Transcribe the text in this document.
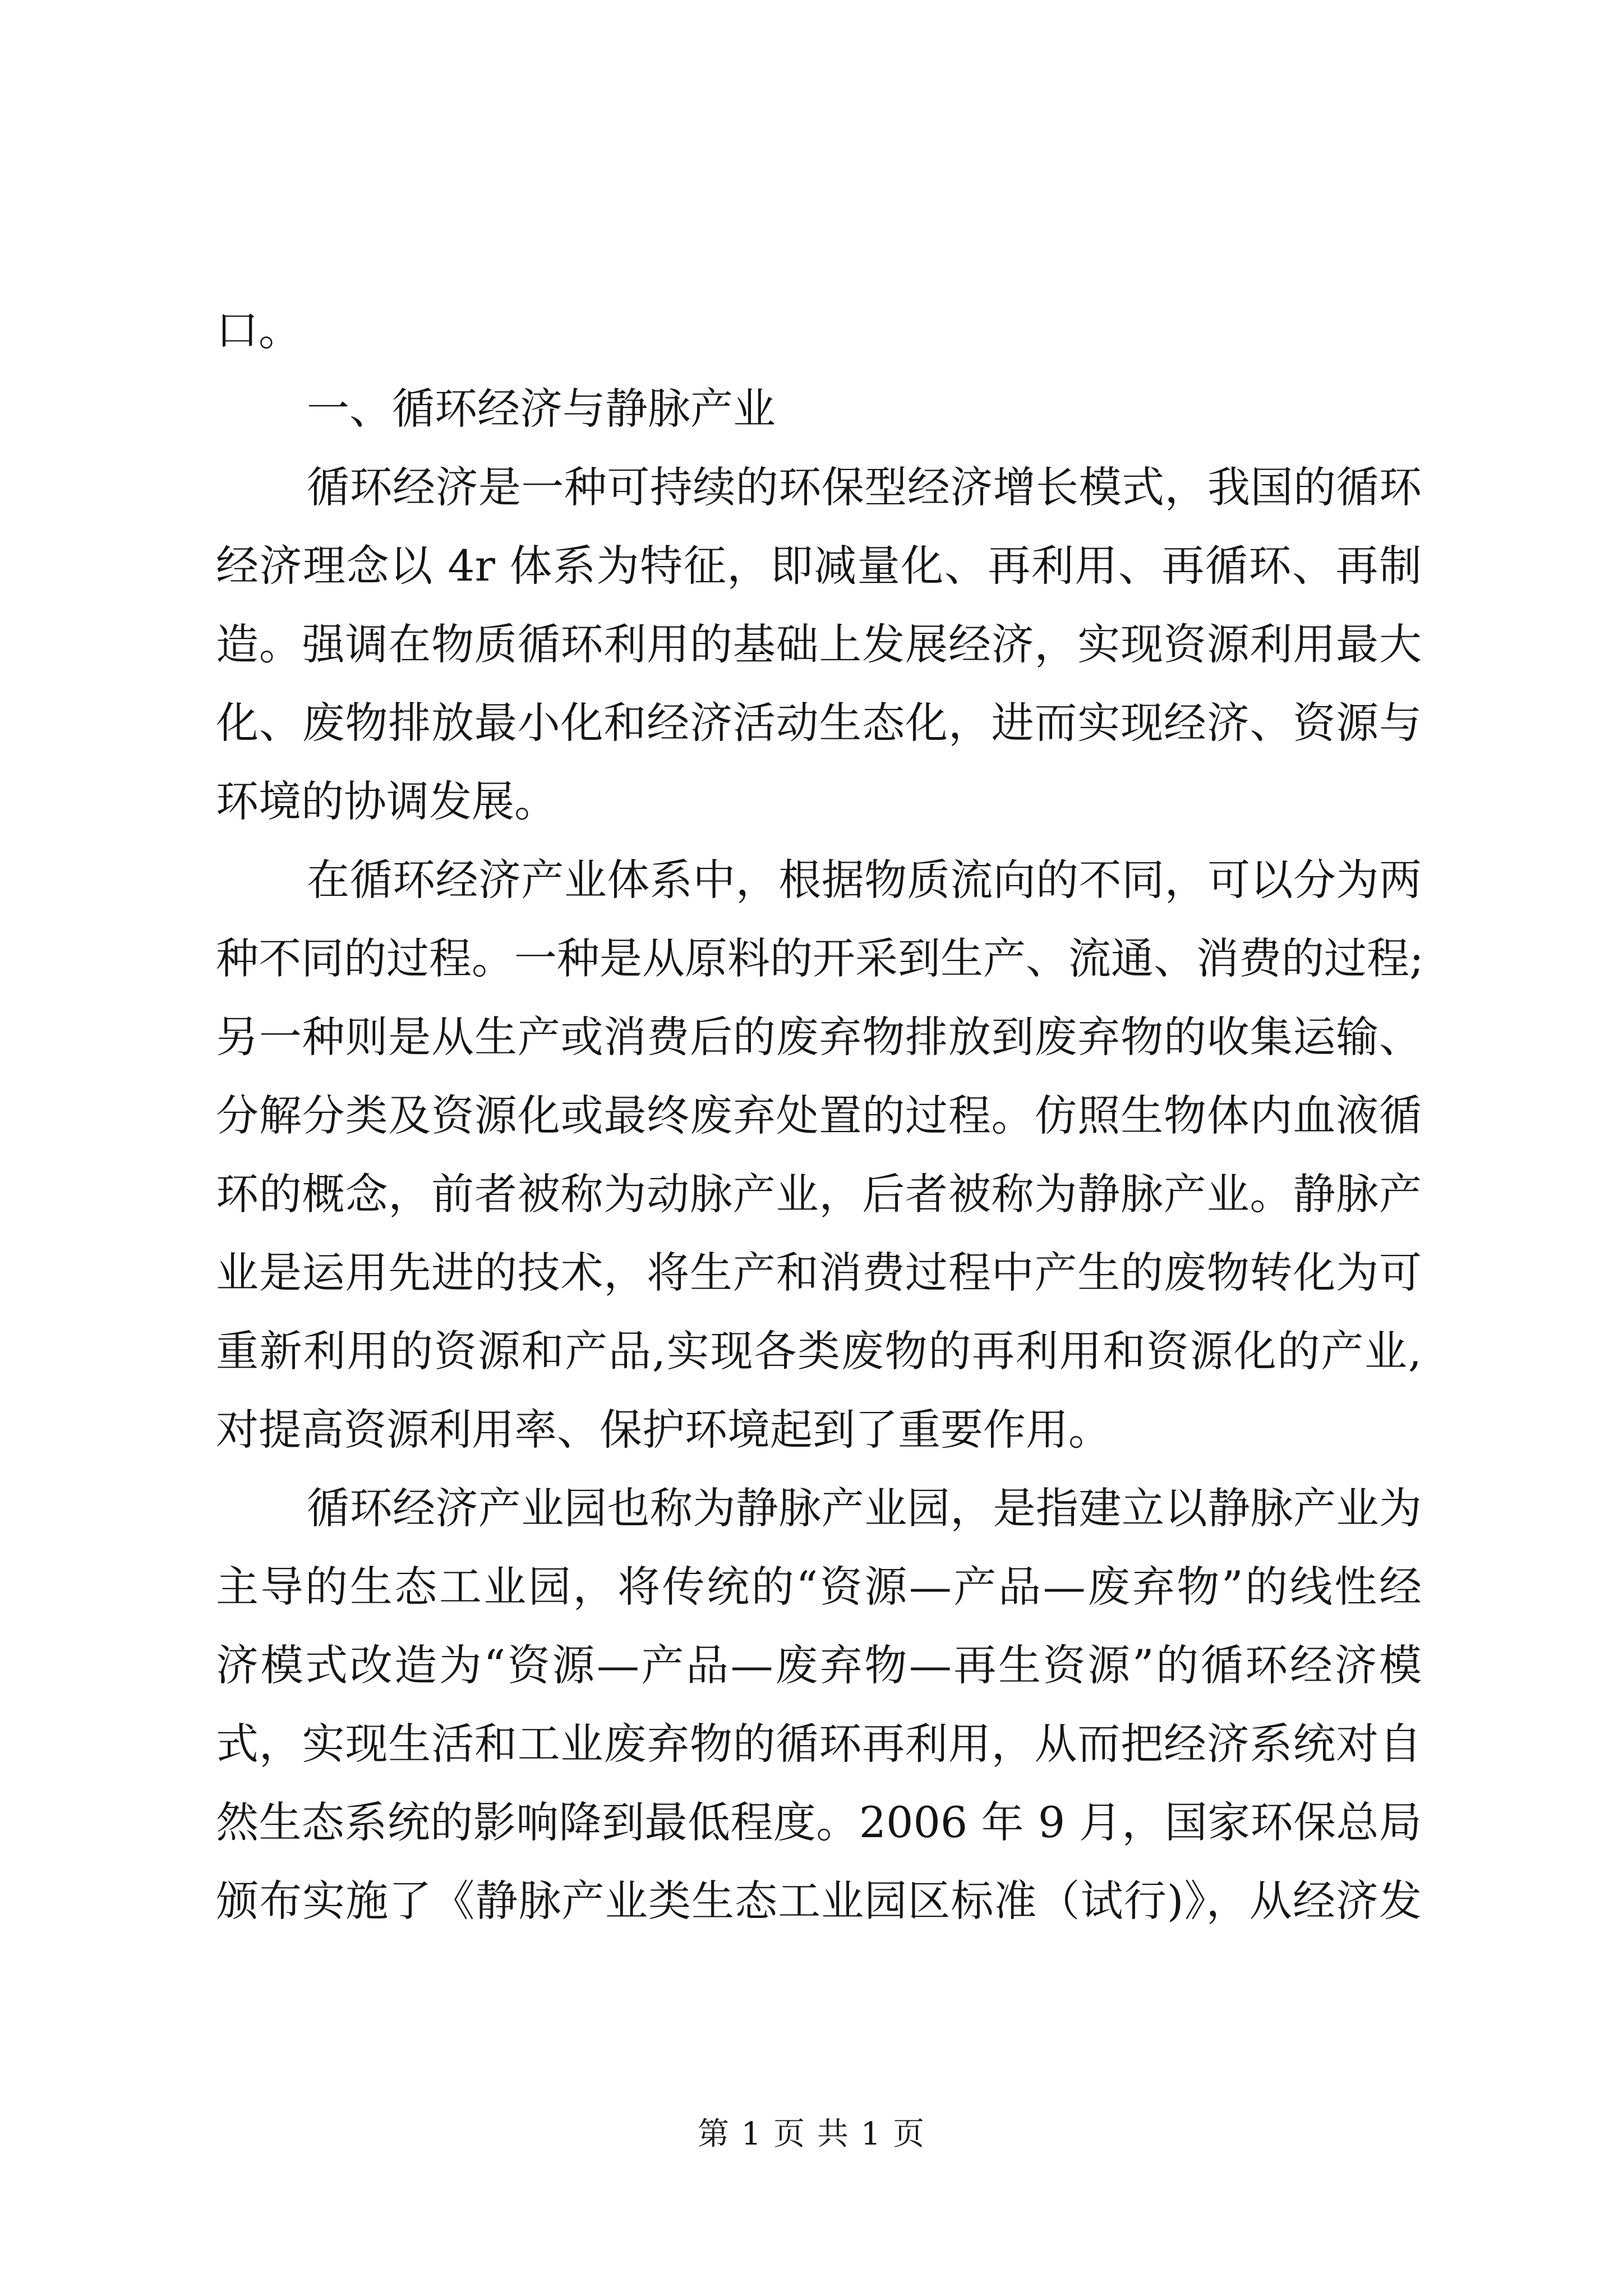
口。
一、循环经济与静脉产业
循环经济是一种可持续的环保型经济增长模式，我国的循环
经济理念以 4r 体系为特征，即减量化、再利用、再循环、再制
造。强调在物质循环利用的基础上发展经济，实现资源利用最大
化、废物排放最小化和经济活动生态化，进而实现经济、资源与
环境的协调发展。
在循环经济产业体系中，根据物质流向的不同，可以分为两
种不同的过程。一种是从原料的开采到生产、流通、消费的过程;
另一种则是从生产或消费后的废弃物排放到废弃物的收集运输、
分解分类及资源化或最终废弃处置的过程。仿照生物体内血液循
环的概念，前者被称为动脉产业，后者被称为静脉产业。静脉产
业是运用先进的技术，将生产和消费过程中产生的废物转化为可
重新利用的资源和产品,实现各类废物的再利用和资源化的产业,
对提高资源利用率、保护环境起到了重要作用。
循环经济产业园也称为静脉产业园，是指建立以静脉产业为
主导的生态工业园，将传统的“资源—产品—废弃物”的线性经
济模式改造为“资源—产品—废弃物—再生资源”的循环经济模
式，实现生活和工业废弃物的循环再利用，从而把经济系统对自
然生态系统的影响降到最低程度。2006 年 9 月，国家环保总局
颁布实施了《静脉产业类生态工业园区标准（试行)》，从经济发
第 1 页 共 1 页
